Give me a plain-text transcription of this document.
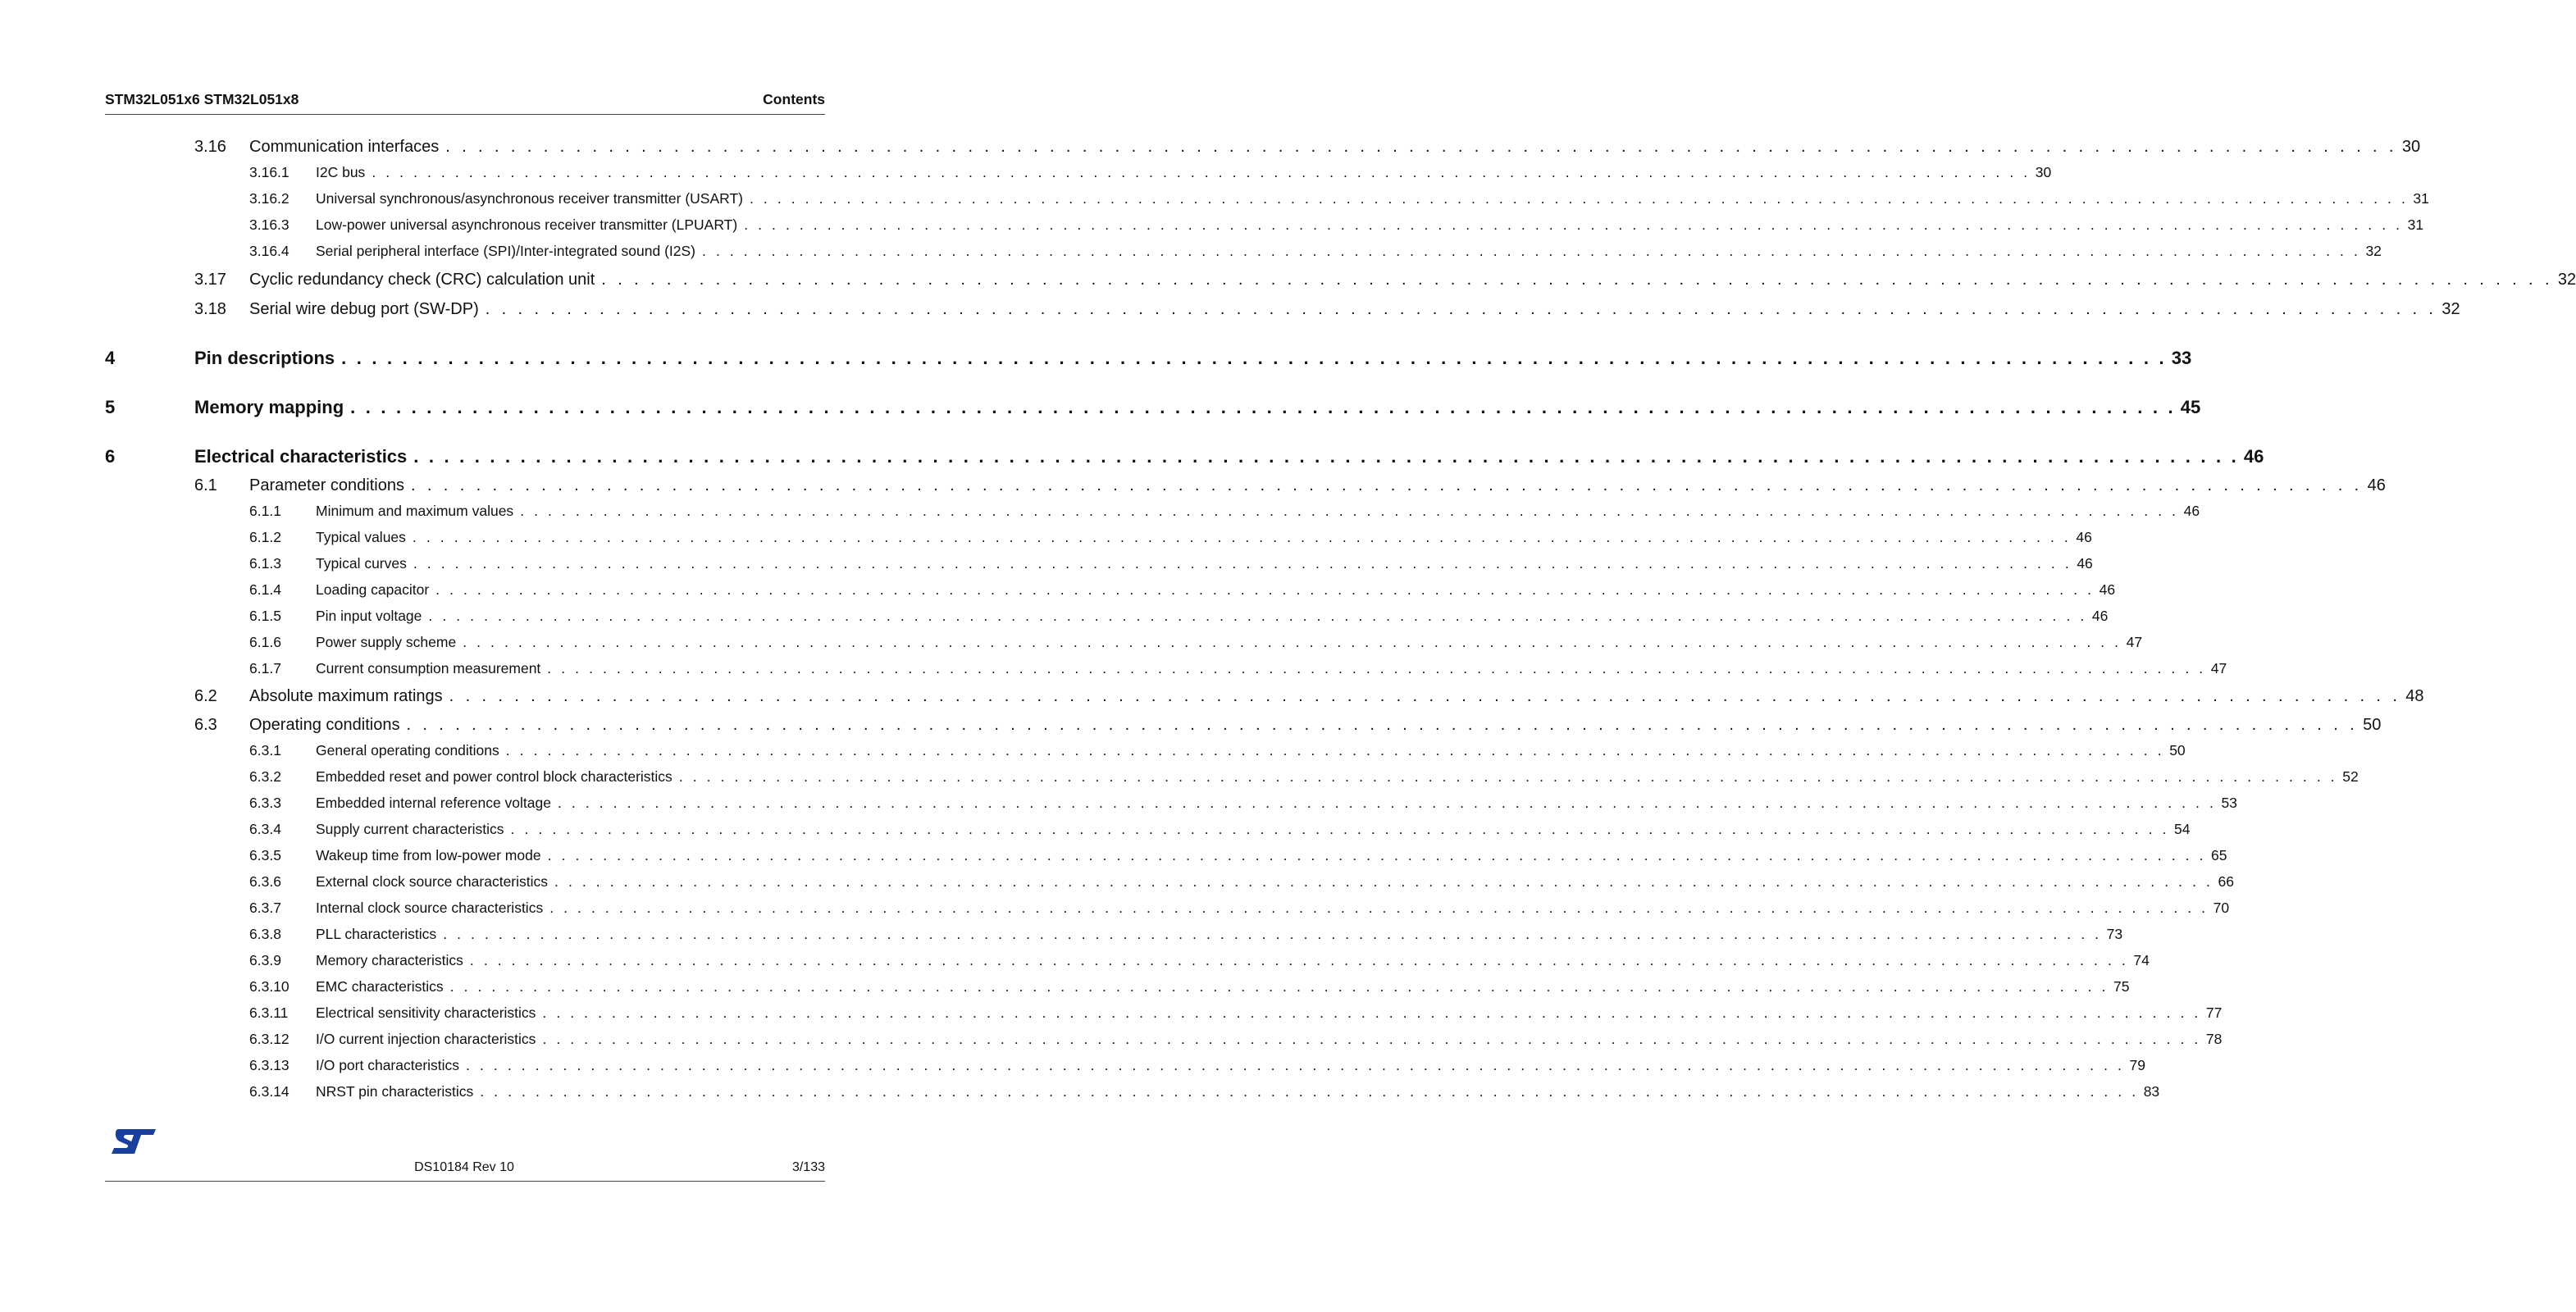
STM32L051x6 STM32L051x8	Contents
3.16 Communication interfaces . . . . . . . . . . . . . . . . . . . . . . . . . . . . . . . . . . . . . . . . . . . . . . . . . . . . . . . . . . . . . . . . . . . . . . . . . . . . . . . . . . . . . . . . . . . . . . . . . . . . . . . . . . . . . . . . . . . . . . . . 30
3.16.1 I2C bus . . . . . . . . . . . . . . . . . . . . . . . . . . . . . . . . . . . . . . . . . . . . . . . . . . . . . . . . . . . . . . . . . . . . . . . . . . . . . . . . . . . . . . . . . . . . . . . . . . . . . . . . . . . . . . . . . . . . . . . . 30
3.16.2 Universal synchronous/asynchronous receiver transmitter (USART) . . . . . . . . . . . . . . . . . . . . . . . . . . . . . . . . . . . . . . . . . . . . . . . . . . . . . . . . . . . . . . . . . . . . . . . . . . . . . . . . . . . . . . . . . . . . . . . . . . . . . . . . . . . . . . . . . . . . . . . . 31
3.16.3 Low-power universal asynchronous receiver transmitter (LPUART) . . . . . . . . . . . . . . . . . . . . . . . . . . . . . . . . . . . . . . . . . . . . . . . . . . . . . . . . . . . . . . . . . . . . . . . . . . . . . . . . . . . . . . . . . . . . . . . . . . . . . . . . . . . . . . . . . . . . . . . . 31
3.16.4 Serial peripheral interface (SPI)/Inter-integrated sound (I2S) . . . . . . . . . . . . . . . . . . . . . . . . . . . . . . . . . . . . . . . . . . . . . . . . . . . . . . . . . . . . . . . . . . . . . . . . . . . . . . . . . . . . . . . . . . . . . . . . . . . . . . . . . . . . . . . . . . . . . . . . 32
3.17 Cyclic redundancy check (CRC) calculation unit . . . . . . . . . . . . . . . . . . . . . . . . . . . . . . . . . . . . . . . . . . . . . . . . . . . . . . . . . . . . . . . . . . . . . . . . . . . . . . . . . . . . . . . . . . . . . . . . . . . . . . . . . . . . . . . . . . . . . . . . 32
3.18 Serial wire debug port (SW-DP) . . . . . . . . . . . . . . . . . . . . . . . . . . . . . . . . . . . . . . . . . . . . . . . . . . . . . . . . . . . . . . . . . . . . . . . . . . . . . . . . . . . . . . . . . . . . . . . . . . . . . . . . . . . . . . . . . . . . . . . . 32
4	Pin descriptions . . . . . . . . . . . . . . . . . . . . . . . . . . . . . . . . . . . . . . . . . . . . . . . . . . . . . . . . . . . . . . . . . . . . . . . . . . . . . . . . . . . . . . . . . . . . . . . . . . . . . . . . . . . . . . . . . . . . . . . . 33
5	Memory mapping . . . . . . . . . . . . . . . . . . . . . . . . . . . . . . . . . . . . . . . . . . . . . . . . . . . . . . . . . . . . . . . . . . . . . . . . . . . . . . . . . . . . . . . . . . . . . . . . . . . . . . . . . . . . . . . . . . . . . . . . 45
6	Electrical characteristics . . . . . . . . . . . . . . . . . . . . . . . . . . . . . . . . . . . . . . . . . . . . . . . . . . . . . . . . . . . . . . . . . . . . . . . . . . . . . . . . . . . . . . . . . . . . . . . . . . . . . . . . . . . . . . . . . . . . . . . . 46
6.1 Parameter conditions . . . . . . . . . . . . . . . . . . . . . . . . . . . . . . . . . . . . . . . . . . . . . . . . . . . . . . . . . . . . . . . . . . . . . . . . . . . . . . . . . . . . . . . . . . . . . . . . . . . . . . . . . . . . . . . . . . . . . . . . 46
6.1.1 Minimum and maximum values . . . . . . . . . . . . . . . . . . . . . . . . . . . . . . . . . . . . . . . . . . . . . . . . . . . . . . . . . . . . . . . . . . . . . . . . . . . . . . . . . . . . . . . . . . . . . . . . . . . . . . . . . . . . . . . . . . . . . . . . 46
6.1.2 Typical values . . . . . . . . . . . . . . . . . . . . . . . . . . . . . . . . . . . . . . . . . . . . . . . . . . . . . . . . . . . . . . . . . . . . . . . . . . . . . . . . . . . . . . . . . . . . . . . . . . . . . . . . . . . . . . . . . . . . . . . . 46
6.1.3 Typical curves . . . . . . . . . . . . . . . . . . . . . . . . . . . . . . . . . . . . . . . . . . . . . . . . . . . . . . . . . . . . . . . . . . . . . . . . . . . . . . . . . . . . . . . . . . . . . . . . . . . . . . . . . . . . . . . . . . . . . . . . 46
6.1.4 Loading capacitor . . . . . . . . . . . . . . . . . . . . . . . . . . . . . . . . . . . . . . . . . . . . . . . . . . . . . . . . . . . . . . . . . . . . . . . . . . . . . . . . . . . . . . . . . . . . . . . . . . . . . . . . . . . . . . . . . . . . . . . . 46
6.1.5 Pin input voltage . . . . . . . . . . . . . . . . . . . . . . . . . . . . . . . . . . . . . . . . . . . . . . . . . . . . . . . . . . . . . . . . . . . . . . . . . . . . . . . . . . . . . . . . . . . . . . . . . . . . . . . . . . . . . . . . . . . . . . . . 46
6.1.6 Power supply scheme . . . . . . . . . . . . . . . . . . . . . . . . . . . . . . . . . . . . . . . . . . . . . . . . . . . . . . . . . . . . . . . . . . . . . . . . . . . . . . . . . . . . . . . . . . . . . . . . . . . . . . . . . . . . . . . . . . . . . . . . 47
6.1.7 Current consumption measurement . . . . . . . . . . . . . . . . . . . . . . . . . . . . . . . . . . . . . . . . . . . . . . . . . . . . . . . . . . . . . . . . . . . . . . . . . . . . . . . . . . . . . . . . . . . . . . . . . . . . . . . . . . . . . . . . . . . . . . . . 47
6.2 Absolute maximum ratings . . . . . . . . . . . . . . . . . . . . . . . . . . . . . . . . . . . . . . . . . . . . . . . . . . . . . . . . . . . . . . . . . . . . . . . . . . . . . . . . . . . . . . . . . . . . . . . . . . . . . . . . . . . . . . . . . . . . . . . . 48
6.3 Operating conditions . . . . . . . . . . . . . . . . . . . . . . . . . . . . . . . . . . . . . . . . . . . . . . . . . . . . . . . . . . . . . . . . . . . . . . . . . . . . . . . . . . . . . . . . . . . . . . . . . . . . . . . . . . . . . . . . . . . . . . . . 50
6.3.1 General operating conditions . . . . . . . . . . . . . . . . . . . . . . . . . . . . . . . . . . . . . . . . . . . . . . . . . . . . . . . . . . . . . . . . . . . . . . . . . . . . . . . . . . . . . . . . . . . . . . . . . . . . . . . . . . . . . . . . . . . . . . . . 50
6.3.2 Embedded reset and power control block characteristics . . . . . . . . . . . . . . . . . . . . . . . . . . . . . . . . . . . . . . . . . . . . . . . . . . . . . . . . . . . . . . . . . . . . . . . . . . . . . . . . . . . . . . . . . . . . . . . . . . . . . . . . . . . . . . . . . . . . . . . . 52
6.3.3 Embedded internal reference voltage . . . . . . . . . . . . . . . . . . . . . . . . . . . . . . . . . . . . . . . . . . . . . . . . . . . . . . . . . . . . . . . . . . . . . . . . . . . . . . . . . . . . . . . . . . . . . . . . . . . . . . . . . . . . . . . . . . . . . . . . 53
6.3.4 Supply current characteristics . . . . . . . . . . . . . . . . . . . . . . . . . . . . . . . . . . . . . . . . . . . . . . . . . . . . . . . . . . . . . . . . . . . . . . . . . . . . . . . . . . . . . . . . . . . . . . . . . . . . . . . . . . . . . . . . . . . . . . . . 54
6.3.5 Wakeup time from low-power mode . . . . . . . . . . . . . . . . . . . . . . . . . . . . . . . . . . . . . . . . . . . . . . . . . . . . . . . . . . . . . . . . . . . . . . . . . . . . . . . . . . . . . . . . . . . . . . . . . . . . . . . . . . . . . . . . . . . . . . . . 65
6.3.6 External clock source characteristics . . . . . . . . . . . . . . . . . . . . . . . . . . . . . . . . . . . . . . . . . . . . . . . . . . . . . . . . . . . . . . . . . . . . . . . . . . . . . . . . . . . . . . . . . . . . . . . . . . . . . . . . . . . . . . . . . . . . . . . . 66
6.3.7 Internal clock source characteristics . . . . . . . . . . . . . . . . . . . . . . . . . . . . . . . . . . . . . . . . . . . . . . . . . . . . . . . . . . . . . . . . . . . . . . . . . . . . . . . . . . . . . . . . . . . . . . . . . . . . . . . . . . . . . . . . . . . . . . . . 70
6.3.8 PLL characteristics . . . . . . . . . . . . . . . . . . . . . . . . . . . . . . . . . . . . . . . . . . . . . . . . . . . . . . . . . . . . . . . . . . . . . . . . . . . . . . . . . . . . . . . . . . . . . . . . . . . . . . . . . . . . . . . . . . . . . . . . 73
6.3.9 Memory characteristics . . . . . . . . . . . . . . . . . . . . . . . . . . . . . . . . . . . . . . . . . . . . . . . . . . . . . . . . . . . . . . . . . . . . . . . . . . . . . . . . . . . . . . . . . . . . . . . . . . . . . . . . . . . . . . . . . . . . . . . . 74
6.3.10 EMC characteristics . . . . . . . . . . . . . . . . . . . . . . . . . . . . . . . . . . . . . . . . . . . . . . . . . . . . . . . . . . . . . . . . . . . . . . . . . . . . . . . . . . . . . . . . . . . . . . . . . . . . . . . . . . . . . . . . . . . . . . . . 75
6.3.11 Electrical sensitivity characteristics . . . . . . . . . . . . . . . . . . . . . . . . . . . . . . . . . . . . . . . . . . . . . . . . . . . . . . . . . . . . . . . . . . . . . . . . . . . . . . . . . . . . . . . . . . . . . . . . . . . . . . . . . . . . . . . . . . . . . . . . 77
6.3.12 I/O current injection characteristics . . . . . . . . . . . . . . . . . . . . . . . . . . . . . . . . . . . . . . . . . . . . . . . . . . . . . . . . . . . . . . . . . . . . . . . . . . . . . . . . . . . . . . . . . . . . . . . . . . . . . . . . . . . . . . . . . . . . . . . . 78
6.3.13 I/O port characteristics . . . . . . . . . . . . . . . . . . . . . . . . . . . . . . . . . . . . . . . . . . . . . . . . . . . . . . . . . . . . . . . . . . . . . . . . . . . . . . . . . . . . . . . . . . . . . . . . . . . . . . . . . . . . . . . . . . . . . . . . 79
6.3.14 NRST pin characteristics . . . . . . . . . . . . . . . . . . . . . . . . . . . . . . . . . . . . . . . . . . . . . . . . . . . . . . . . . . . . . . . . . . . . . . . . . . . . . . . . . . . . . . . . . . . . . . . . . . . . . . . . . . . . . . . . . . . . . . . . 83
DS10184 Rev 10	3/133
